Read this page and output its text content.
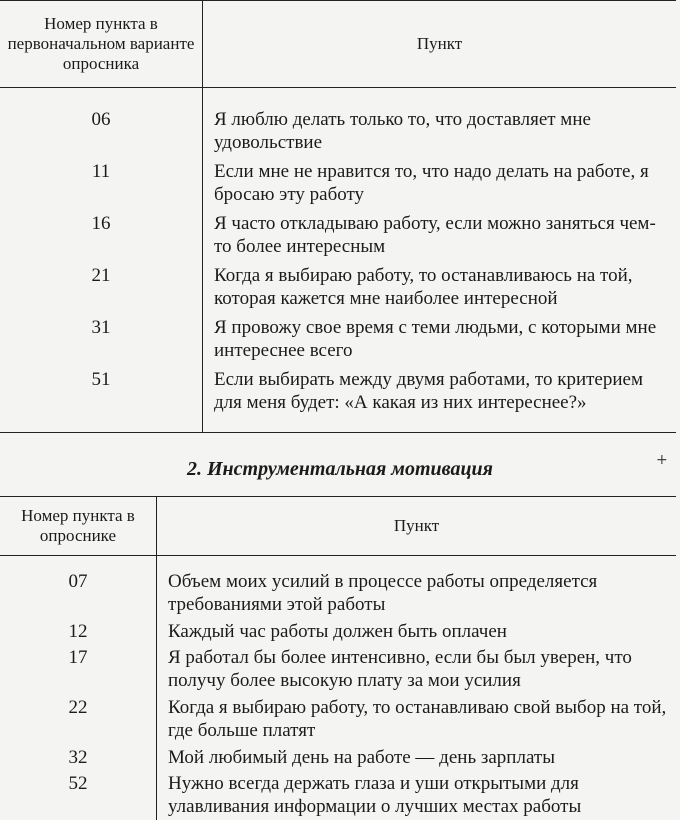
Номер пункта в первоначальном варианте опросника	Пункт
06	Я люблю делать только то, что доставляет мне удовольствие
11	Если мне не нравится то, что надо делать на работе, я бросаю эту работу
16	Я часто откладываю работу, если можно заняться чем-то более интересным
21	Когда я выбираю работу, то останавливаюсь на той, которая кажется мне наиболее интересной
31	Я провожу свое время с теми людьми, с которыми мне интереснее всего
51	Если выбирать между двумя работами, то критерием для меня будет: «А какая из них интереснее?»
+
2. Инструментальная мотивация
Номер пункта в опроснике	Пункт
07	Объем моих усилий в процессе работы определяется требованиями этой работы
12	Каждый час работы должен быть оплачен
17	Я работал бы более интенсивно, если бы был уверен, что получу более высокую плату за мои усилия
22	Когда я выбираю работу, то останавливаю свой выбор на той, где больше платят
32	Мой любимый день на работе — день зарплаты
52	Нужно всегда держать глаза и уши открытыми для улавливания информации о лучших местах работы
